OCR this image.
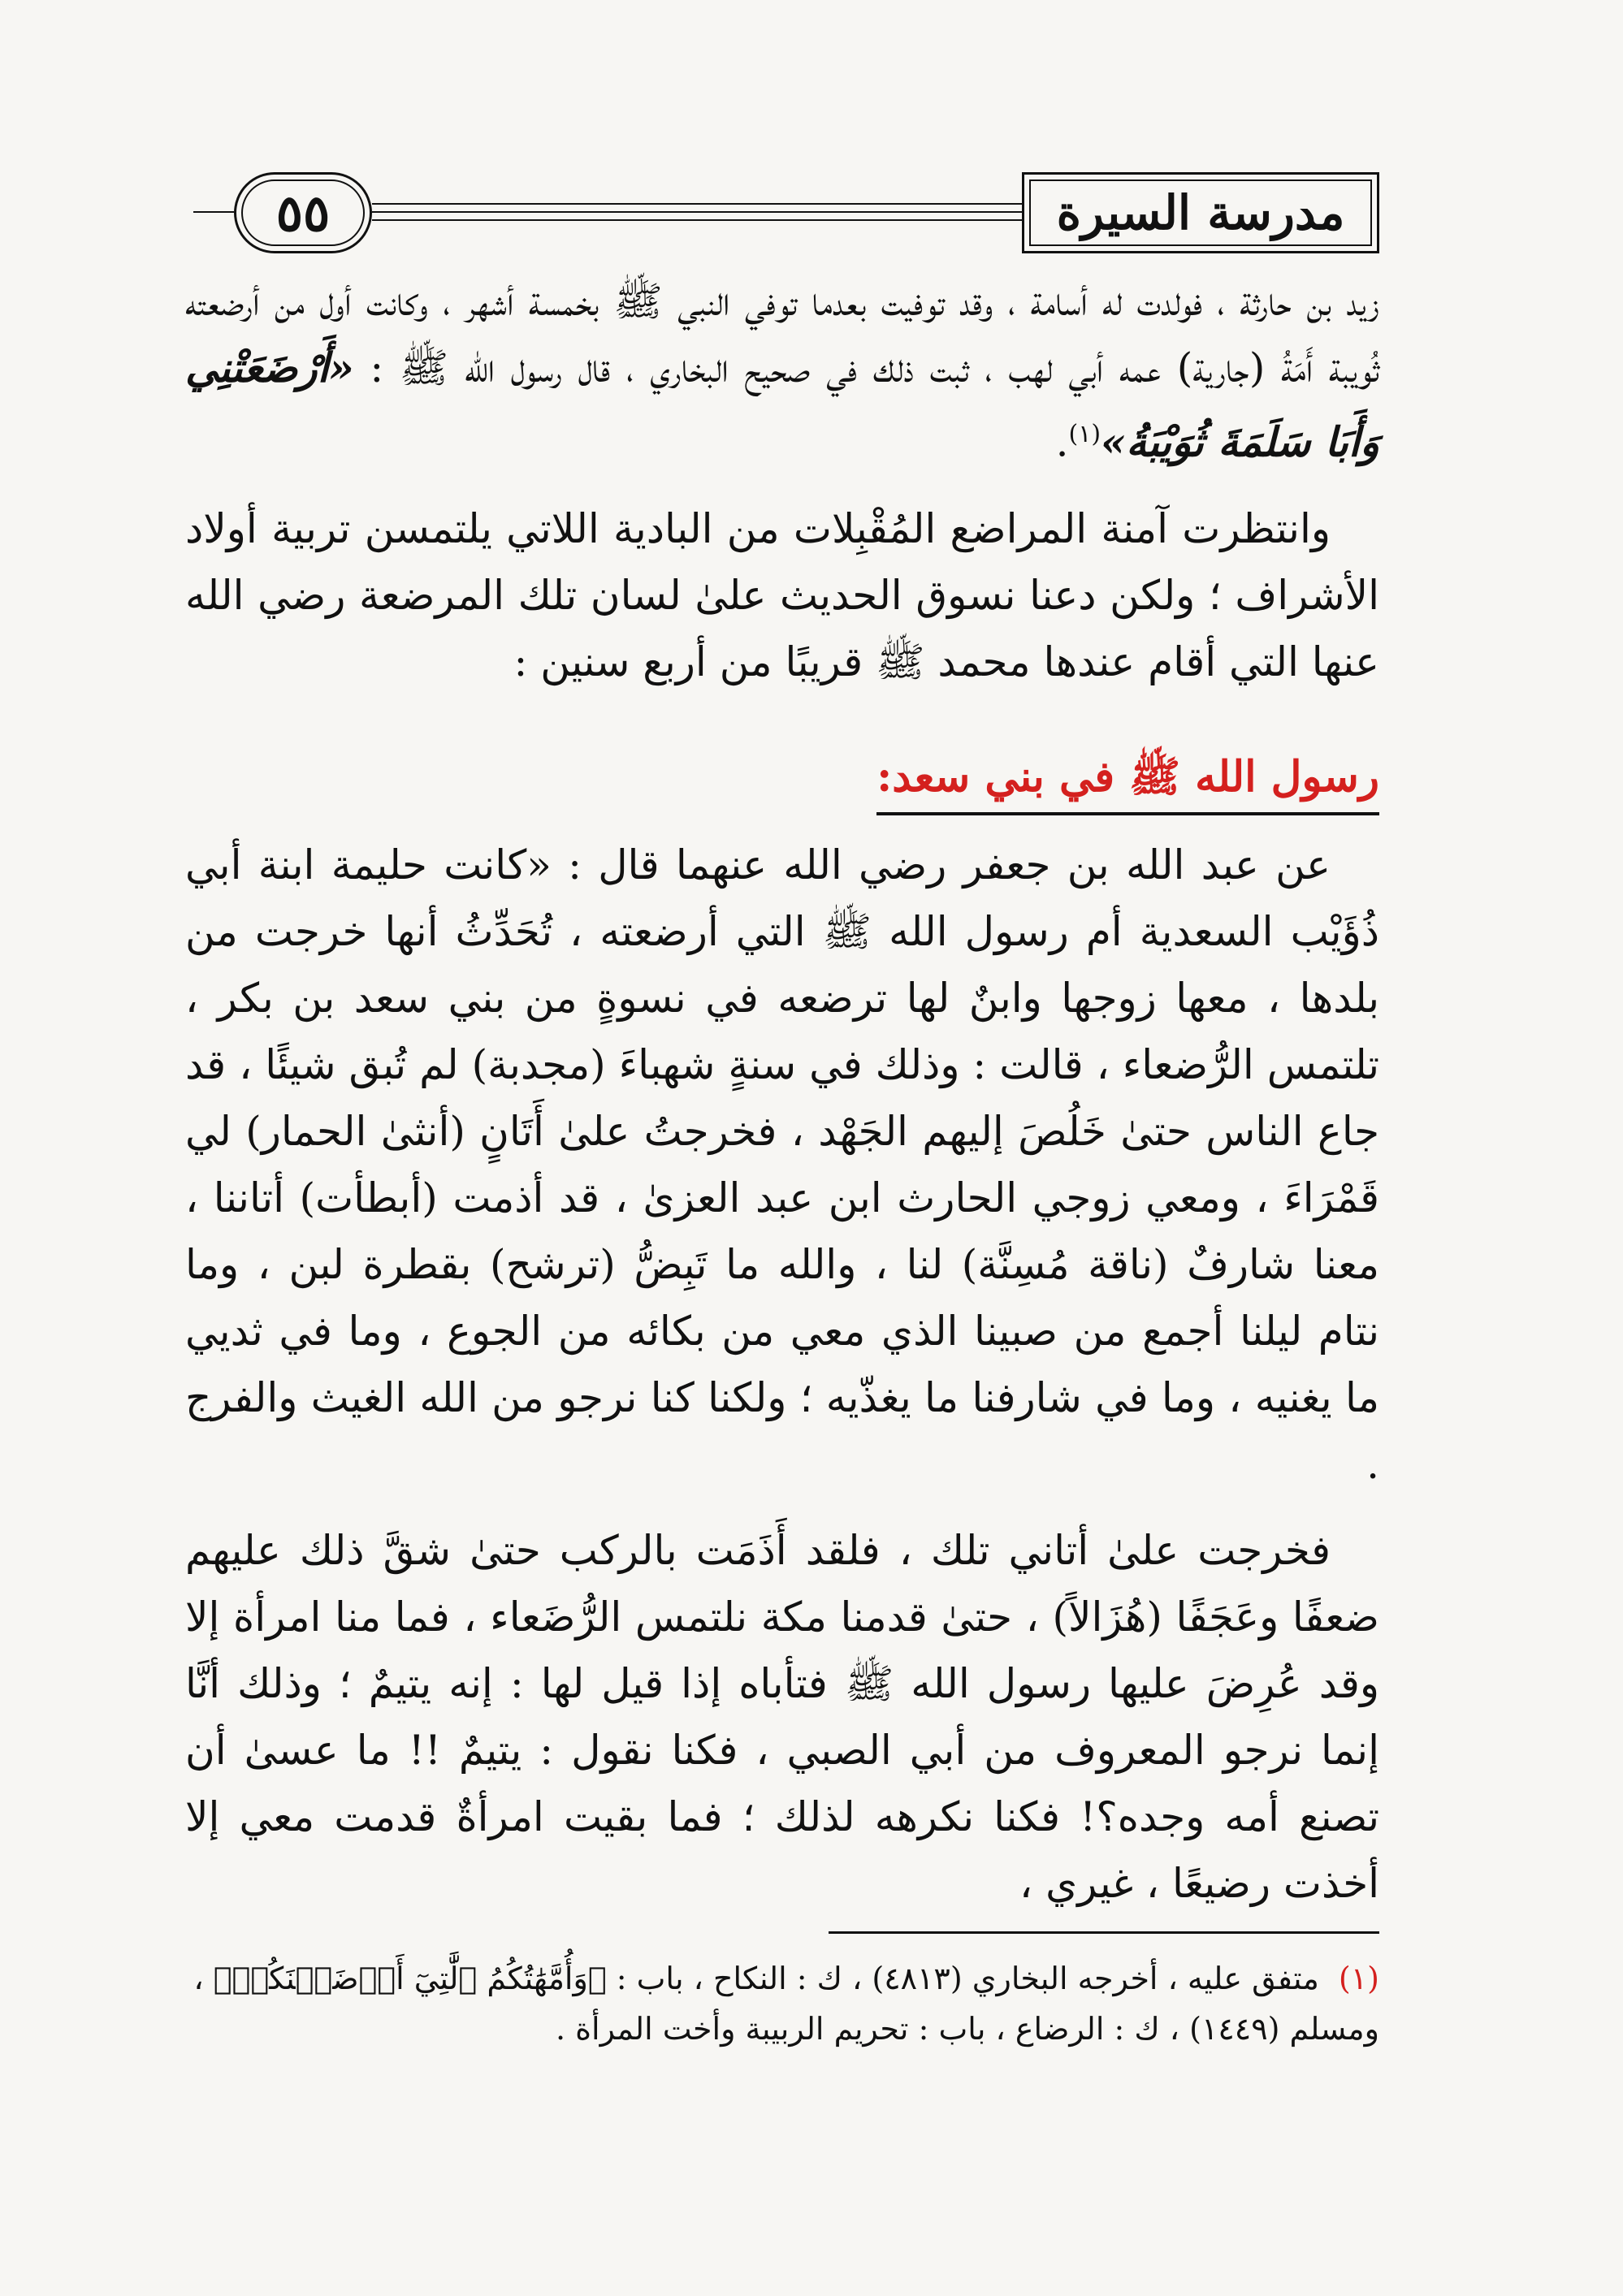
٥٥	مدرسة السيرة

زيد بن حارثة ، فولدت له أسامة ، وقد توفيت بعدما توفي النبي ﷺ بخمسة أشهر ، وكانت أول من أرضعته ثُويبة أَمَةُ (جارية) عمه أبي لهب ، ثبت ذلك في صحيح البخاري ، قال رسول الله ﷺ : «أَرْضَعَتْنِي وَأَبَا سَلَمَةَ ثُوَيْبَةُ»$^{(١)}$.

وانتظرت آمنة المراضع المُقْبِلات من البادية اللاتي يلتمسن تربية أولاد الأشراف ؛ ولكن دعنا نسوق الحديث علىٰ لسان تلك المرضعة رضي الله عنها التي أقام عندها محمد ﷺ قريبًا من أربع سنين :

رسول الله ﷺ في بني سعد:

عن عبد الله بن جعفر رضي الله عنهما قال : «كانت حليمة ابنة أبي ذُؤَيْب السعدية أم رسول الله ﷺ التي أرضعته ، تُحَدِّثُ أنها خرجت من بلدها ، معها زوجها وابنٌ لها ترضعه في نسوةٍ من بني سعد بن بكر ، تلتمس الرُّضعاء ، قالت : وذلك في سنةٍ شهباءَ (مجدبة) لم تُبق شيئًا ، قد جاع الناس حتىٰ خَلُصَ إليهم الجَهْد ، فخرجتُ علىٰ أَتَانٍ (أنثىٰ الحمار) لي قَمْرَاءَ ، ومعي زوجي الحارث ابن عبد العزىٰ ، قد أذمت (أبطأت) أتاننا ، معنا شارفٌ (ناقة مُسِنَّة) لنا ، والله ما تَبِضُّ (ترشح) بقطرة لبن ، وما نتام ليلنا أجمع من صبينا الذي معي من بكائه من الجوع ، وما في ثديي ما يغنيه ، وما في شارفنا ما يغذّيه ؛ ولكنا كنا نرجو من الله الغيث والفرج .

فخرجت علىٰ أتاني تلك ، فلقد أَذَمَت بالركب حتىٰ شقَّ ذلك عليهم ضعفًا وعَجَفًا (هُزَالاً) ، حتىٰ قدمنا مكة نلتمس الرُّضَعاء ، فما منا امرأة إلا وقد عُرِضَ عليها رسول الله ﷺ فتأباه إذا قيل لها : إنه يتيمٌ ؛ وذلك أنَّا إنما نرجو المعروف من أبي الصبي ، فكنا نقول : يتيمٌ !! ما عسىٰ أن تصنع أمه وجده؟! فكنا نكرهه لذلك ؛ فما بقيت امرأةٌ قدمت معي إلا أخذت رضيعًا ، غيري ،

(١) متفق عليه ، أخرجه البخاري (٤٨١٣) ، ك : النكاح ، باب : ﴿وَأُمَّهَٰتُكُمُ ٱلَّٰتِيٓ أَرۡضَعۡنَكُمۡ﴾ ، ومسلم (١٤٤٩) ، ك : الرضاع ، باب : تحريم الربيبة وأخت المرأة .
